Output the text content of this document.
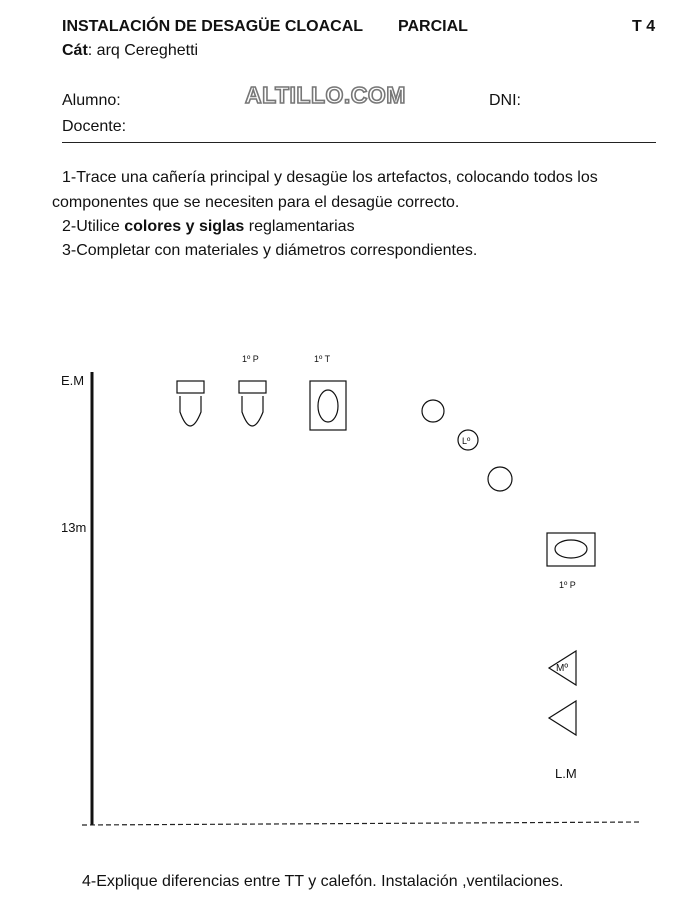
INSTALACIÓN DE DESAGÜE CLOACAL PARCIAL	T 4
Cát: arq Cereghetti
Alumno:
Docente:
DNI:
ALTILLO.COM
1-Trace una cañería principal y desagüe los artefactos, colocando todos los
componentes que se necesiten para el desagüe correcto.
2-Utilice colores y siglas reglamentarias
3-Completar con materiales y diámetros correspondientes.
E.M
13m
1º P	1º T
Lº
1º P
Mº
L.M
4-Explique diferencias entre TT y calefón. Instalación ,ventilaciones.
